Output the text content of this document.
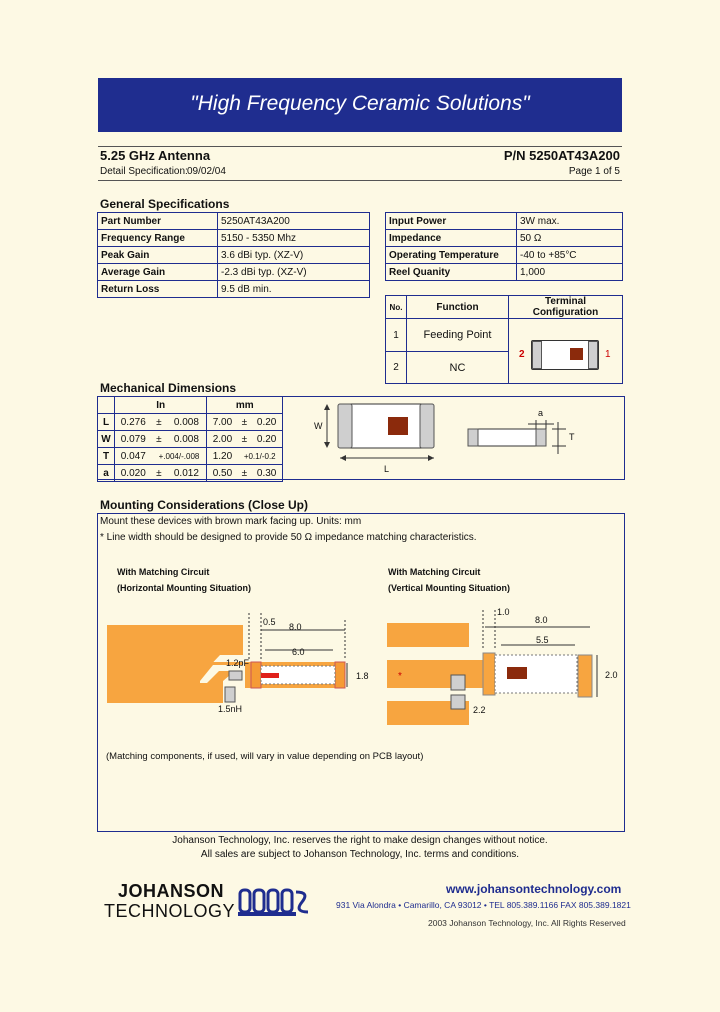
"High Frequency Ceramic Solutions"
5.25 GHz Antenna	P/N 5250AT43A200
Detail Specification: 09/02/04	Page 1 of 5
General Specifications
Part Number	5250AT43A200
Frequency Range	5150 - 5350 Mhz
Peak Gain	3.6 dBi typ. (XZ-V)
Average Gain	-2.3 dBi typ. (XZ-V)
Return Loss	9.5 dB min.
Input Power	3W max.
Impedance	50 Ω
Operating Temperature	-40 to +85°C
Reel Quanity	1,000
No.	Function	Terminal Configuration
1	Feeding Point	2 1

2	NC	
Mechanical Dimensions
	In			mm		
L	0.276	±	0.008	7.00	±	0.20
W	0.079	±	0.008	2.00	±	0.20
T	0.047	+.004/-.008		1.20	+0.1/-0.2	
a	0.020	±	0.012	0.50	±	0.30
W
L
a
T
Mounting Considerations (Close Up)
Mount these devices with brown mark facing up. Units: mm
* Line width should be designed to provide 50 Ω impedance matching characteristics.
With Matching Circuit
(Horizontal Mounting Situation)
With Matching Circuit
(Vertical Mounting Situation)
0.5 8.0
6.0
1.8
1.2pF
1.5nH
1.0
8.0
5.5
2.0
2.2
*
(Matching components, if used, will vary in value depending on PCB layout)
Johanson Technology, Inc. reserves the right to make design changes without notice.
All sales are subject to Johanson Technology, Inc. terms and conditions.
JOHANSON
TECHNOLOGY
www.johansontechnology.com
931 Via Alondra • Camarillo, CA 93012 • TEL 805.389.1166 FAX 805.389.1821
2003 Johanson Technology, Inc. All Rights Reserved
